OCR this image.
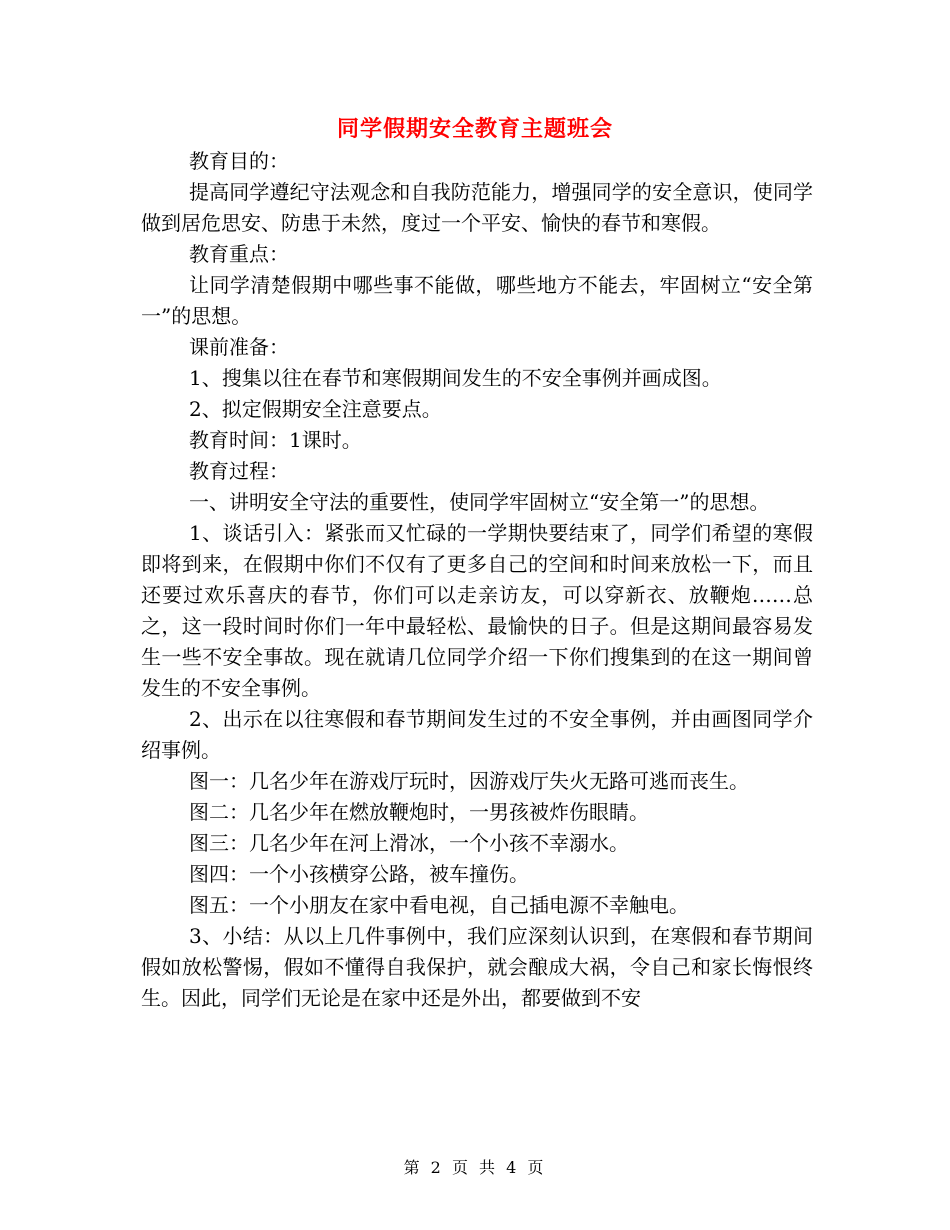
同学假期安全教育主题班会

教育目的：

提高同学遵纪守法观念和自我防范能力，增强同学的安全意识，使同学做到居危思安、防患于未然，度过一个平安、愉快的春节和寒假。

教育重点：

让同学清楚假期中哪些事不能做，哪些地方不能去，牢固树立“安全第一”的思想。

课前准备：

1、搜集以往在春节和寒假期间发生的不安全事例并画成图。

2、拟定假期安全注意要点。

教育时间：1课时。

教育过程：

一、讲明安全守法的重要性，使同学牢固树立“安全第一”的思想。

1、谈话引入：紧张而又忙碌的一学期快要结束了，同学们希望的寒假即将到来，在假期中你们不仅有了更多自己的空间和时间来放松一下，而且还要过欢乐喜庆的春节，你们可以走亲访友，可以穿新衣、放鞭炮……总之，这一段时间时你们一年中最轻松、最愉快的日子。但是这期间最容易发生一些不安全事故。现在就请几位同学介绍一下你们搜集到的在这一期间曾发生的不安全事例。

2、出示在以往寒假和春节期间发生过的不安全事例，并由画图同学介绍事例。

图一：几名少年在游戏厅玩时，因游戏厅失火无路可逃而丧生。

图二：几名少年在燃放鞭炮时，一男孩被炸伤眼睛。

图三：几名少年在河上滑冰，一个小孩不幸溺水。

图四：一个小孩横穿公路，被车撞伤。

图五：一个小朋友在家中看电视，自己插电源不幸触电。

3、小结：从以上几件事例中，我们应深刻认识到，在寒假和春节期间假如放松警惕，假如不懂得自我保护，就会酿成大祸，令自己和家长悔恨终生。因此，同学们无论是在家中还是外出，都要做到不安

第 2 页 共 4 页
